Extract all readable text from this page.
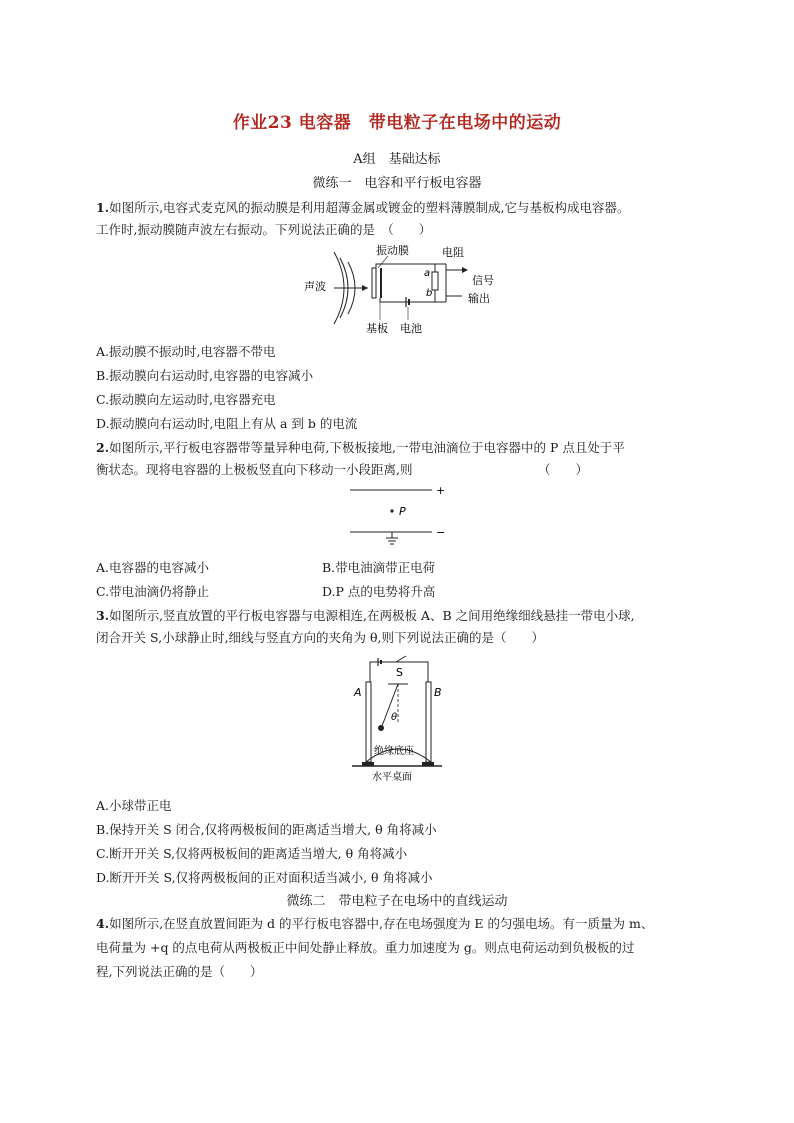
作业23 电容器　带电粒子在电场中的运动
A组　基础达标
微练一　电容和平行板电容器
1.如图所示,电容式麦克风的振动膜是利用超薄金属或镀金的塑料薄膜制成,它与基板构成电容器。
工作时,振动膜随声波左右振动。下列说法正确的是　（　　）
声波
振动膜	电阻
a
b
信号
输出
基板 电池
A.振动膜不振动时,电容器不带电
B.振动膜向右运动时,电容器的电容减小
C.振动膜向左运动时,电容器充电
D.振动膜向右运动时,电阻上有从 a 到 b 的电流
2.如图所示,平行板电容器带等量异种电荷,下极板接地,一带电油滴位于电容器中的 P 点且处于平
衡状态。现将电容器的上极板竖直向下移动一小段距离,则	（　　）
+
P
−
A.电容器的电容减小	B.带电油滴带正电荷
C.带电油滴仍将静止	D.P 点的电势将升高
3.如图所示,竖直放置的平行板电容器与电源相连,在两极板 A、B 之间用绝缘细线悬挂一带电小球,
闭合开关 S,小球静止时,细线与竖直方向的夹角为 θ,则下列说法正确的是（　　）
S
A	B
θ
绝缘底座
水平桌面
A.小球带正电
B.保持开关 S 闭合,仅将两极板间的距离适当增大, θ 角将减小
C.断开开关 S,仅将两极板间的距离适当增大, θ 角将减小
D.断开开关 S,仅将两极板间的正对面积适当减小, θ 角将减小
微练二　带电粒子在电场中的直线运动
4.如图所示,在竖直放置间距为 d 的平行板电容器中,存在电场强度为 E 的匀强电场。有一质量为 m、
电荷量为 +q 的点电荷从两极板正中间处静止释放。重力加速度为 g。则点电荷运动到负极板的过
程,下列说法正确的是（　　）
